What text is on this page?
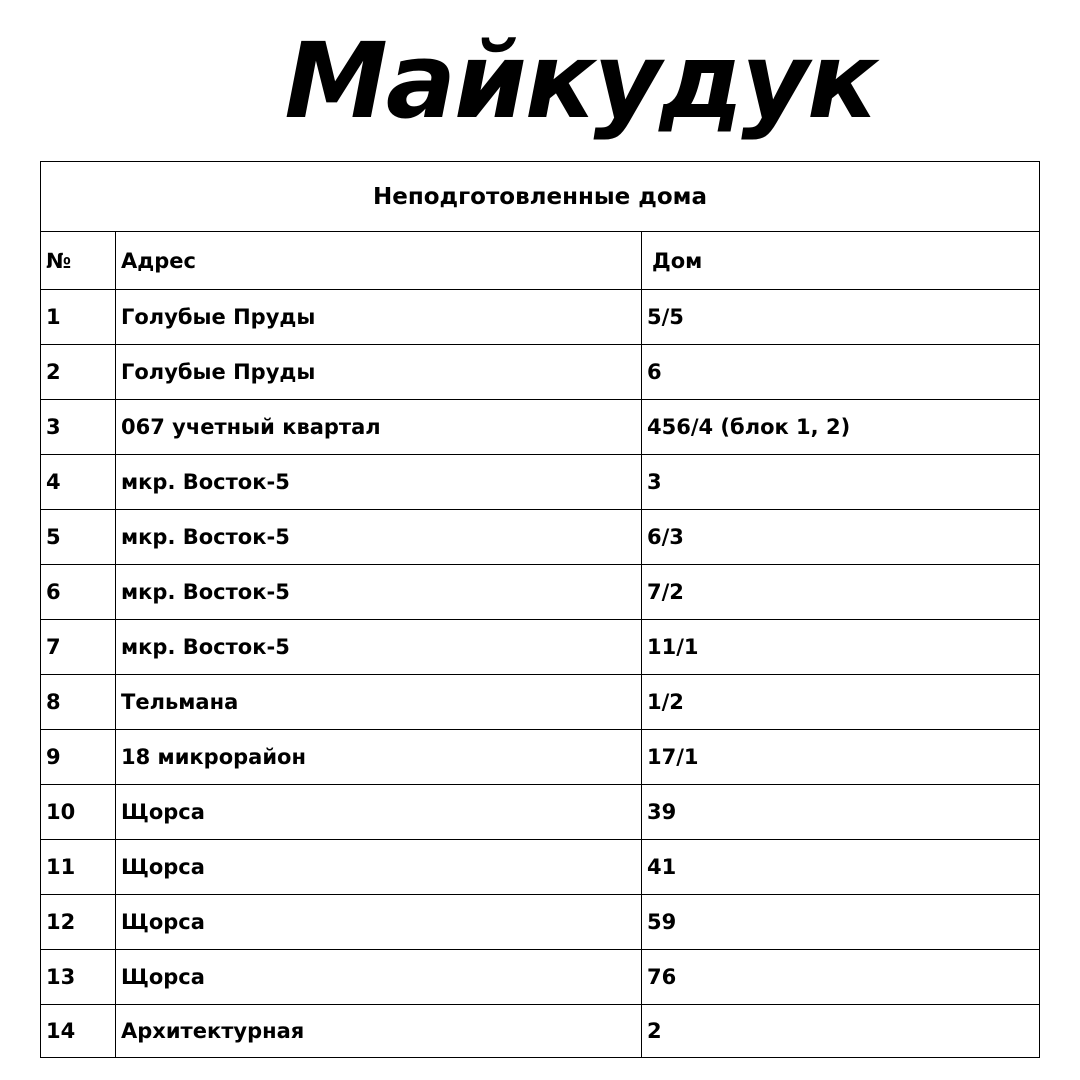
Майкудук
Неподготовленные дома
№	Адрес	Дом
1	Голубые Пруды	5/5
2	Голубые Пруды	6
3	067 учетный квартал	456/4 (блок 1, 2)
4	мкр. Восток-5	3
5	мкр. Восток-5	6/3
6	мкр. Восток-5	7/2
7	мкр. Восток-5	11/1
8	Тельмана	1/2
9	18 микрорайон	17/1
10	Щорса	39
11	Щорса	41
12	Щорса	59
13	Щорса	76
14	Архитектурная	2
